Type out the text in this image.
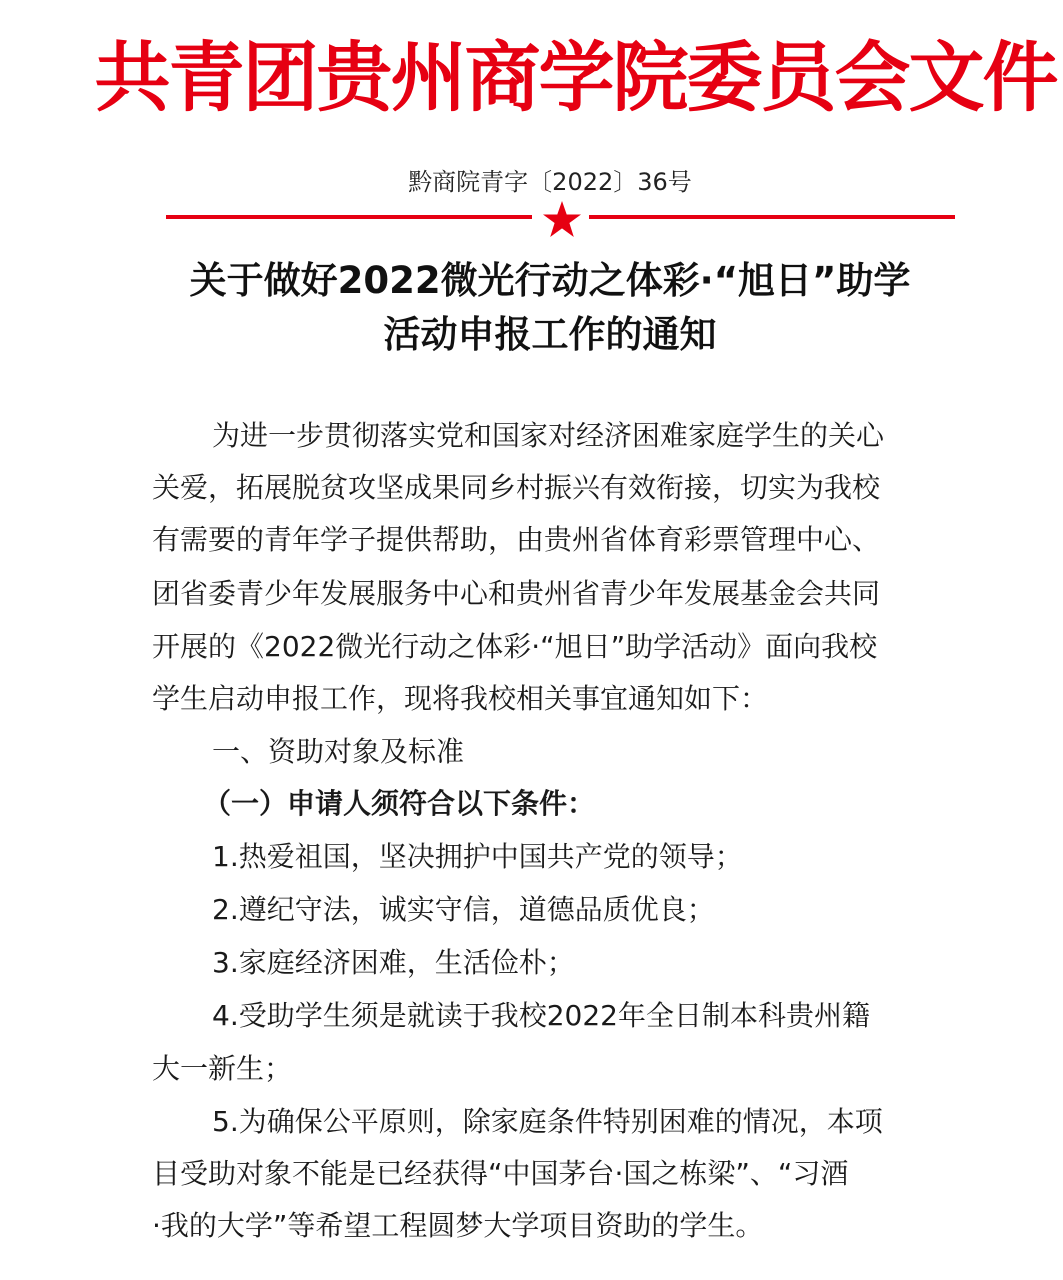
共青团贵州商学院委员会文件
黔商院青字〔2022〕36号
关于做好2022微光行动之体彩·“旭日”助学
活动申报工作的通知
为进一步贯彻落实党和国家对经济困难家庭学生的关心
关爱，拓展脱贫攻坚成果同乡村振兴有效衔接，切实为我校
有需要的青年学子提供帮助，由贵州省体育彩票管理中心、
团省委青少年发展服务中心和贵州省青少年发展基金会共同
开展的《2022微光行动之体彩·“旭日”助学活动》面向我校
学生启动申报工作，现将我校相关事宜通知如下：
一、资助对象及标准
（一）申请人须符合以下条件：
1.热爱祖国，坚决拥护中国共产党的领导；
2.遵纪守法，诚实守信，道德品质优良；
3.家庭经济困难，生活俭朴；
4.受助学生须是就读于我校2022年全日制本科贵州籍
大一新生；
5.为确保公平原则，除家庭条件特别困难的情况，本项
目受助对象不能是已经获得“中国茅台·国之栋梁”、“习酒
·我的大学”等希望工程圆梦大学项目资助的学生。
